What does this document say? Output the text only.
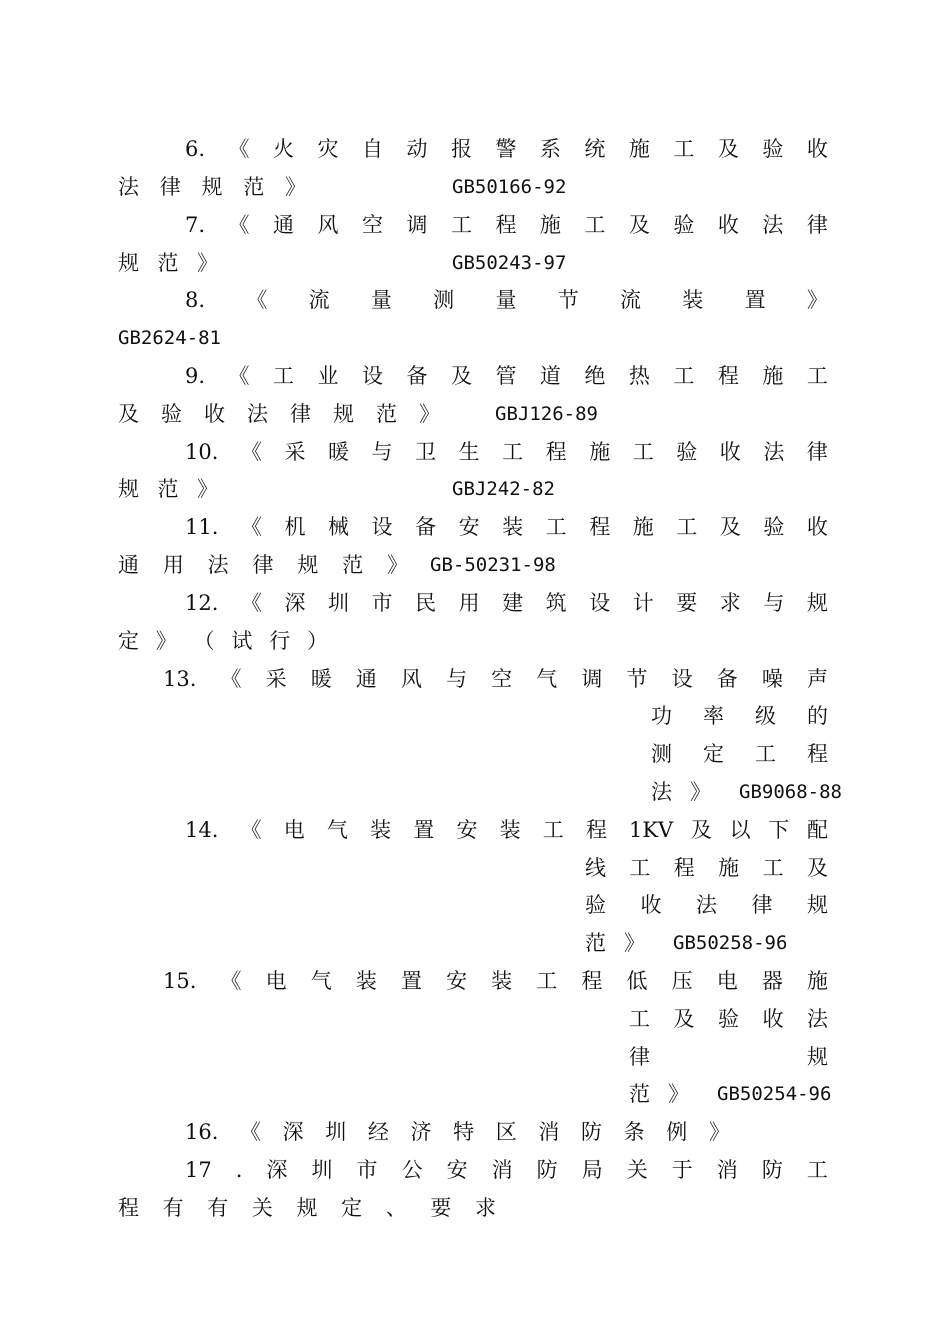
6. 《 火 灾 自 动 报 警 系 统 施 工 及 验 收
法 律 规 范 》	GB50166-92
7. 《 通 风 空 调 工 程 施 工 及 验 收 法 律
规 范 》	GB50243-97
8. 《 流 量 测 量 节 流 装 置 》
GB2624-81
9. 《 工 业 设 备 及 管 道 绝 热 工 程 施 工
及 验 收 法 律 规 范 》	GBJ126-89
10. 《 采 暖 与 卫 生 工 程 施 工 验 收 法 律
规 范 》	GBJ242-82
11. 《 机 械 设 备 安 装 工 程 施 工 及 验 收
通 用 法 律 规 范 》 GB-50231-98
12. 《 深 圳 市 民 用 建 筑 设 计 要 求 与 规
定 》 （ 试 行 ）
13. 《 采 暖 通 风 与 空 气 调 节 设 备 噪 声
功 率 级 的
测 定 工 程
法 》 GB9068-88
14. 《 电 气 装 置 安 装 工 程 1KV 及 以 下 配
线 工 程 施 工 及
验 收 法 律 规
范 》 GB50258-96
15. 《 电 气 装 置 安 装 工 程 低 压 电 器 施
工 及 验 收 法
律	规
范 》 GB50254-96
16. 《 深 圳 经 济 特 区 消 防 条 例 》
17 . 深 圳 市 公 安 消 防 局 关 于 消 防 工
程 有 有 关 规 定 、 要 求
